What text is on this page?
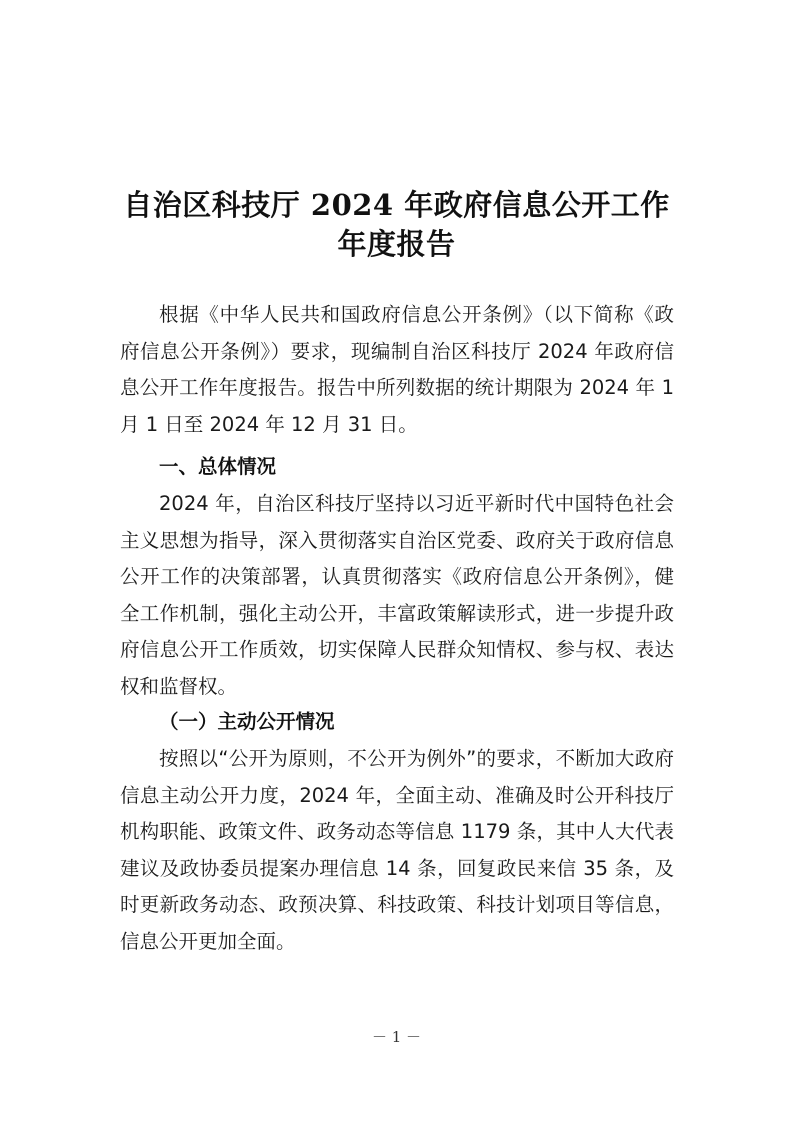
自治区科技厅 2024 年政府信息公开工作
年度报告

根据《中华人民共和国政府信息公开条例》（以下简称《政府信息公开条例》）要求，现编制自治区科技厅 2024 年政府信息公开工作年度报告。报告中所列数据的统计期限为 2024 年 1 月 1 日至 2024 年 12 月 31 日。

一、总体情况

2024 年，自治区科技厅坚持以习近平新时代中国特色社会主义思想为指导，深入贯彻落实自治区党委、政府关于政府信息公开工作的决策部署，认真贯彻落实《政府信息公开条例》，健全工作机制，强化主动公开，丰富政策解读形式，进一步提升政府信息公开工作质效，切实保障人民群众知情权、参与权、表达权和监督权。

（一）主动公开情况

按照以“公开为原则，不公开为例外”的要求，不断加大政府信息主动公开力度，2024 年，全面主动、准确及时公开科技厅机构职能、政策文件、政务动态等信息 1179 条，其中人大代表建议及政协委员提案办理信息 14 条，回复政民来信 35 条，及时更新政务动态、政预决算、科技政策、科技计划项目等信息，信息公开更加全面。

－ 1 －
